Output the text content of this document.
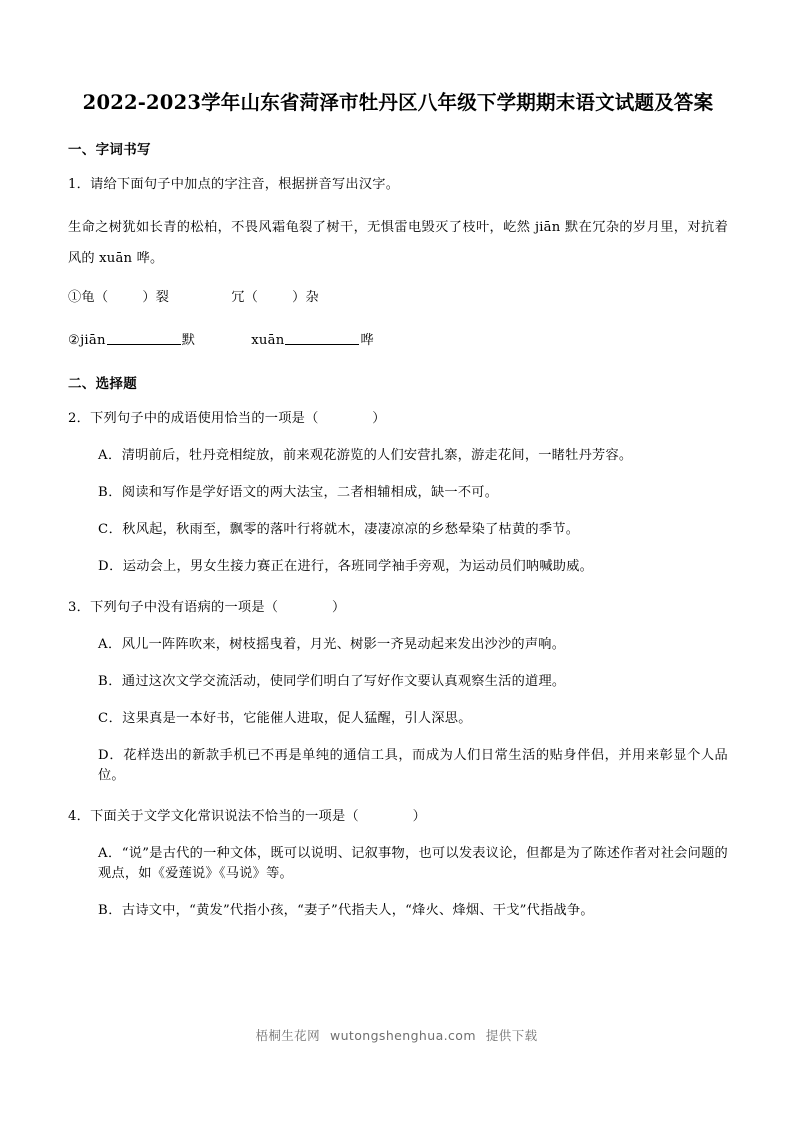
2022-2023学年山东省菏泽市牡丹区八年级下学期期末语文试题及答案
一、字词书写

1．请给下面句子中加点的字注音，根据拼音写出汉字。

生命之树犹如长青的松柏，不畏风霜龟裂了树干，无惧雷电毁灭了枝叶，屹然 jiān 默在冗杂的岁月里，对抗着风的 xuān 哗。

①龟（	）裂	冗（	）杂

②jiān	默	xuān	哗

二、选择题

2．下列句子中的成语使用恰当的一项是（　　　　）

A．清明前后，牡丹竞相绽放，前来观花游览的人们安营扎寨，游走花间，一睹牡丹芳容。

B．阅读和写作是学好语文的两大法宝，二者相辅相成，缺一不可。

C．秋风起，秋雨至，飘零的落叶行将就木，凄凄凉凉的乡愁晕染了枯黄的季节。

D．运动会上，男女生接力赛正在进行，各班同学袖手旁观，为运动员们呐喊助威。

3．下列句子中没有语病的一项是（　　　　）

A．风儿一阵阵吹来，树枝摇曳着，月光、树影一齐晃动起来发出沙沙的声响。

B．通过这次文学交流活动，使同学们明白了写好作文要认真观察生活的道理。

C．这果真是一本好书，它能催人进取，促人猛醒，引人深思。

D．花样迭出的新款手机已不再是单纯的通信工具，而成为人们日常生活的贴身伴侣，并用来彰显个人品位。

4．下面关于文学文化常识说法不恰当的一项是（　　　　）

A．“说”是古代的一种文体，既可以说明、记叙事物，也可以发表议论，但都是为了陈述作者对社会问题的观点，如《爱莲说》《马说》等。

B．古诗文中，“黄发”代指小孩，“妻子”代指夫人，“烽火、烽烟、干戈”代指战争。

梧桐生花网 wutongshenghua.com 提供下载
